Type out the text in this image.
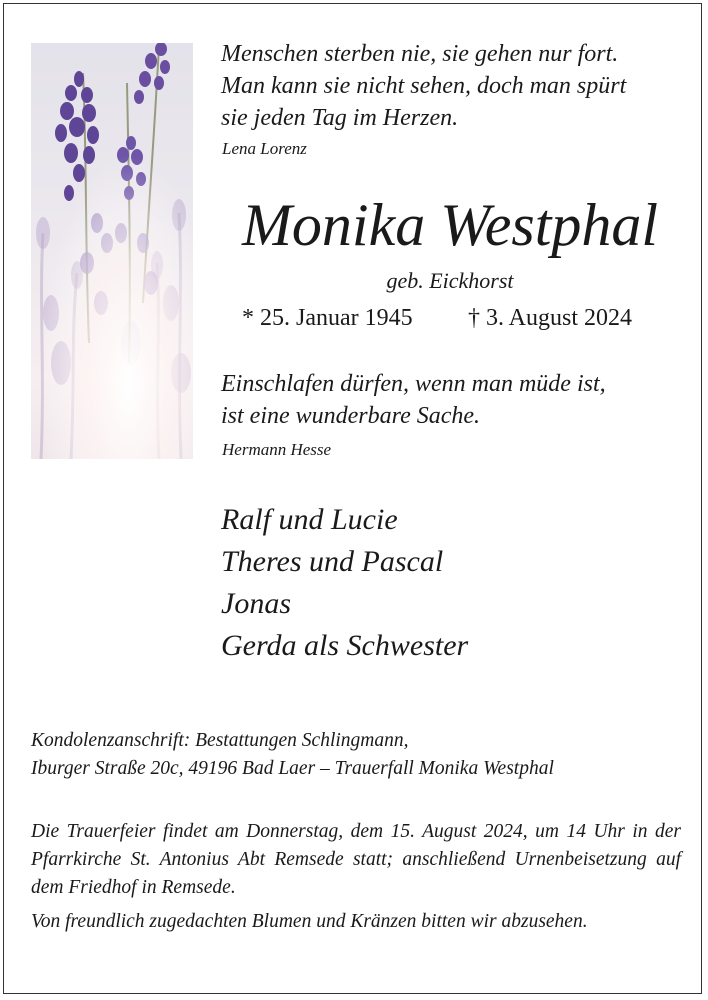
Menschen sterben nie, sie gehen nur fort.
Man kann sie nicht sehen, doch man spürt
sie jeden Tag im Herzen.
Lena Lorenz
Monika Westphal
geb. Eickhorst
* 25. Januar 1945 † 3. August 2024
Einschlafen dürfen, wenn man müde ist,
ist eine wunderbare Sache.
Hermann Hesse
Ralf und Lucie
Theres und Pascal
Jonas
Gerda als Schwester
Kondolenzanschrift: Bestattungen Schlingmann,
Iburger Straße 20c, 49196 Bad Laer – Trauerfall Monika Westphal

Die Trauerfeier findet am Donnerstag, dem 15. August 2024, um 14 Uhr in der Pfarrkirche St. Antonius Abt Remsede statt; anschließend Urnenbeisetzung auf dem Friedhof in Remsede.

Von freundlich zugedachten Blumen und Kränzen bitten wir abzusehen.
